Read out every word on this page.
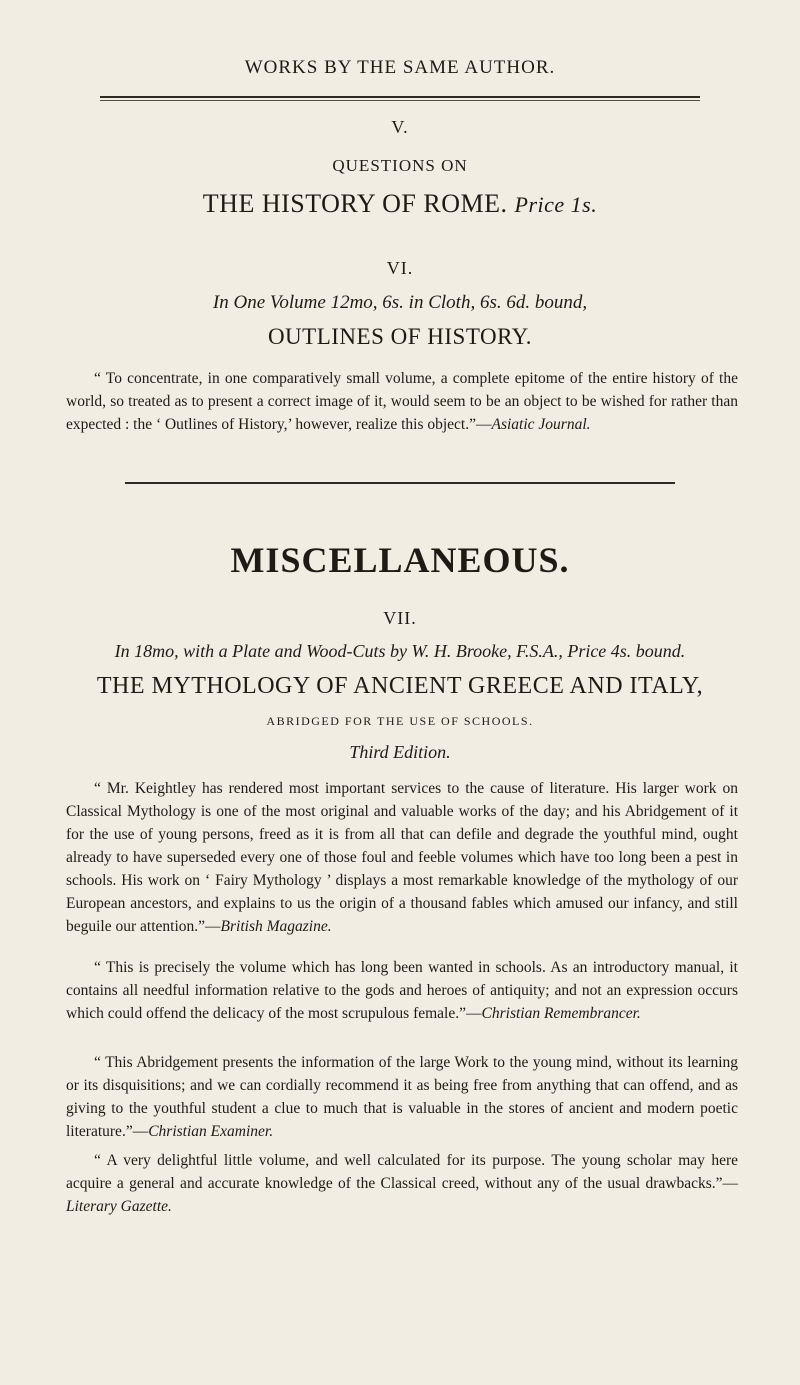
WORKS BY THE SAME AUTHOR.
V.
QUESTIONS ON
THE HISTORY OF ROME. Price 1s.
VI.
In One Volume 12mo, 6s. in Cloth, 6s. 6d. bound,
OUTLINES OF HISTORY.
“ To concentrate, in one comparatively small volume, a complete epitome of the entire history of the world, so treated as to present a correct image of it, would seem to be an object to be wished for rather than expected : the ‘ Outlines of History,’ however, realize this object.”—Asiatic Journal.
MISCELLANEOUS.
VII.
In 18mo, with a Plate and Wood-Cuts by W. H. Brooke, F.S.A., Price 4s. bound.
THE MYTHOLOGY OF ANCIENT GREECE AND ITALY,
ABRIDGED FOR THE USE OF SCHOOLS.
Third Edition.
“ Mr. Keightley has rendered most important services to the cause of literature. His larger work on Classical Mythology is one of the most original and valuable works of the day; and his Abridgement of it for the use of young persons, freed as it is from all that can defile and degrade the youthful mind, ought already to have superseded every one of those foul and feeble volumes which have too long been a pest in schools. His work on ‘ Fairy Mythology ’ displays a most remarkable knowledge of the mythology of our European ancestors, and explains to us the origin of a thousand fables which amused our infancy, and still beguile our attention.”—British Magazine.
“ This is precisely the volume which has long been wanted in schools. As an introductory manual, it contains all needful information relative to the gods and heroes of antiquity; and not an expression occurs which could offend the delicacy of the most scrupulous female.”—Christian Remembrancer.
“ This Abridgement presents the information of the large Work to the young mind, without its learning or its disquisitions; and we can cordially recommend it as being free from anything that can offend, and as giving to the youthful student a clue to much that is valuable in the stores of ancient and modern poetic literature.”—Christian Examiner.
“ A very delightful little volume, and well calculated for its purpose. The young scholar may here acquire a general and accurate knowledge of the Classical creed, without any of the usual drawbacks.”—Literary Gazette.
